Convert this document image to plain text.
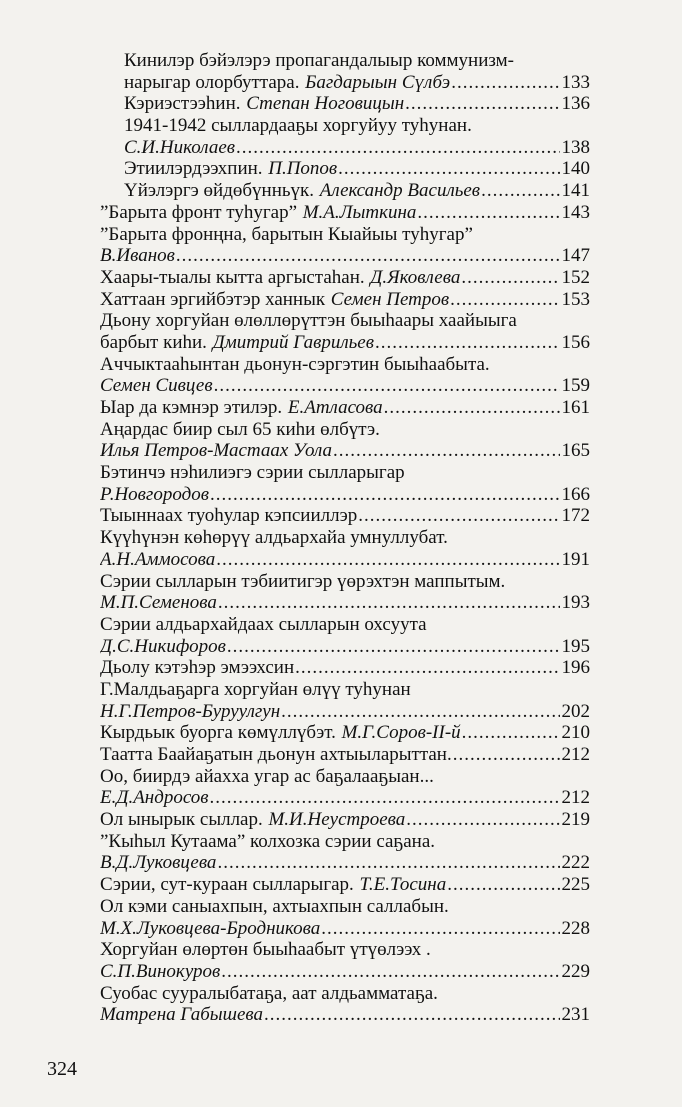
Кинилэр бэйэлэрэ пропагандалыыр коммунизм-
нарыгар олорбуттара. Багдарыын Сүлбэ .....	133
Кэриэстээһин. Степан Ноговицын .....	136
1941-1942 сыллардааҕы хоргуйуу туһунан.
С.И.Николаев .....	138
Этиилэрдээхпин. П.Попов .....	140
Үйэлэргэ өйдөбүнньүк. Александр Васильев .....	141
”Барыта фронт туһугар” М.А.Лыткина .....	143
”Барыта фронңна, барытын Кыайыы туһугар”
В.Иванов .....	147
Хаары-тыалы кытта аргыстаһан. Д.Яковлева .....	152
Хаттаан эргийбэтэр ханнык Семен Петров .....	153
Дьону хоргуйан өлөллөрүттэн быыһаары хаайыыга
барбыт киһи. Дмитрий Гаврильев .....	156
Аччыктааһынтан дьонун-сэргэтин быыһаабыта.
Семен Сивцев .....	159
Ыар да кэмнэр этилэр. Е.Атласова .....	161
Аңардас биир сыл 65 киһи өлбүтэ.
Илья Петров-Мастаах Уола .....	165
Бэтинчэ нэһилиэгэ сэрии сылларыгар
Р.Новгородов .....	166
Тыыннаах туоһулар кэпсииллэр .....	172
Күүһүнэн көһөрүү алдьархайа умнуллубат.
А.Н.Аммосова .....	191
Сэрии сылларын тэбиитигэр үөрэхтэн маппытым.
М.П.Семенова .....	193
Сэрии алдьархайдаах сылларын охсуута
Д.С.Никифоров .....	195
Дьолу кэтэһэр эмээхсин .....	196
Г.Малдьаҕарга хоргуйан өлүү туһунан
Н.Г.Петров-Буруулгун .....	202
Кырдьык буорга көмүллүбэт. М.Г.Соров-II-й .....	210
Таатта Баайаҕатын дьонун ахтыыларыттан. .....	212
Оо, биирдэ айахха угар ас баҕалааҕыан...
Е.Д.Андросов .....	212
Ол ынырык сыллар. М.И.Неустроева .....	219
”Кыһыл Кутаама” колхозка сэрии саҕана.
В.Д.Луковцева .....	222
Сэрии, сут-кураан сылларыгар. Т.Е.Тосина .....	225
Ол кэми саныахпын, ахтыахпын саллабын.
М.Х.Луковцева-Бродникова .....	228
Хоргуйан өлөртөн быыһаабыт үтүөлээх .
С.П.Винокуров .....	229
Суобас сууралыбатаҕа, аат алдьамматаҕа.
Матрена Габышева .....	231
324
